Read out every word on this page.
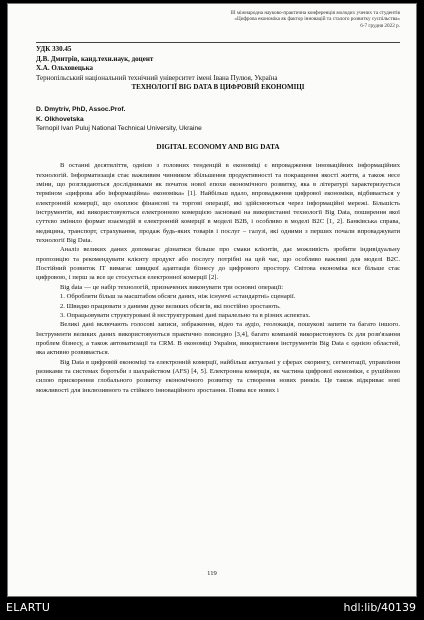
ІІІ міжнародна науково-практична конференція молодих учених та студентів
«Цифрова економіка як фактор інновацій та сталого розвитку суспільства»
6-7 грудня 2022 р.
УДК 330.45
Д.В. Дмитрів, канд.техн.наук, доцент
Х.А. Ольховецька
Тернопільський національний технічний університет імені Івана Пулюя, Україна
ТЕХНОЛОГІЇ BIG DATA В ЦИФРОВІЙ ЕКОНОМІЦІ
D. Dmytriv, PhD, Assoc.Prof.
K. Olkhovetska
Ternopil Ivan Puluj National Technical University, Ukraine
DIGITAL ECONOMY AND BIG DATA
В останні десятиліття, однією з головних тенденцій в економіці є впровадження інноваційних інформаційних технологій. Інформатизація стає важливим чинником збільшення продуктивності та покращення якості життя, а також несе зміни, що розглядаються дослідниками як початок нової епохи економічного розвитку, яка в літературі характеризується терміном «цифрова або інформаційна» економіка» [1]. Найбільш вдало, впровадження цифрової економіки, відбивається у електронній комерції, що охоплює фінансові та торгові операції, які здійснюються через інформаційні мережі. Більшість інструментів, які використовуються електронною комерцією засновані на використанні технології Big Data, поширення якої суттєво змінило формат взаємодій в електронній комерції в моделі B2B, і особливо в моделі B2C [1, 2]. Банківська справа, медицина, транспорт, страхування, продаж будь-яких товарів і послуг – галузі, які одними з перших почали впроваджувати технології Big Data.
Аналіз великих даних допомагає дізнатися більше про смаки клієнтів, дає можливість зробити індивідуальну пропозицію та рекомендувати клієнту продукт або послугу потрібні на цей час, що особливо важливі для моделі B2C. Постійний розвиток IT вимагає швидкої адаптація бізнесу до цифрового простору. Світова економіка все більше стає цифровою, і перш за все це стосується електронної комерції [2].
Big data — це набір технологій, призначених виконувати три основні операції:
1. Обробляти більш за масштабом обсяги даних, ніж існуючі «стандартні» сценарії.
2. Швидко працювати з даними дуже великих обсягів, які постійно зростають.
3. Опрацьовувати структуровані й неструктуровані дані паралельно та в різних аспектах.
Великі дані включають голосові записи, зображення, відео та аудіо, геолокація, пошукові запити та багато іншого. Інструменти великих даних використовуються практично повсюдно [3,4], багато компаній використовують їх для розв'язання проблем бізнесу, а також автоматизації та CRM. В економіці України, використання інструментів Big Data є однією областей, яка активно розвивається.
Big Data в цифровій економіці та електронній комерції, найбільш актуальні у сферах скорингу, сегментації, управління ризиками та системах боротьби з шахрайством (AFS) [4, 5]. Електронна комерція, як частина цифрової економіки, є рушійною силою прискорення глобального розвитку економічного розвитку та створення нових ринків. Це також відкриває нові можливості для інклюзивного та стійкого інноваційного зростання. Поява все нових і
119
ELARTU	hdl:lib/40139
